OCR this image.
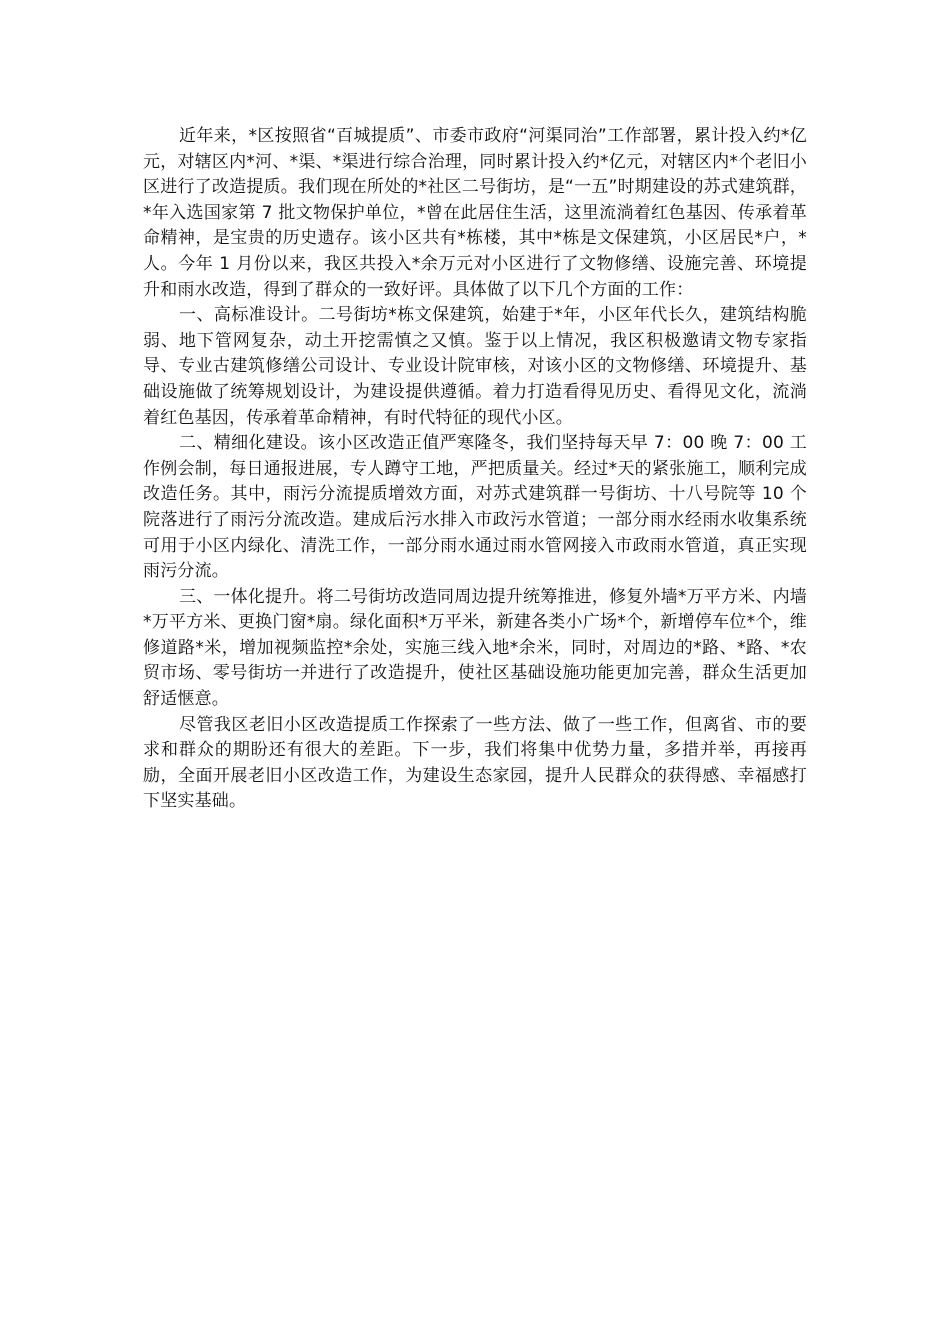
近年来，*区按照省“百城提质”、市委市政府“河渠同治”工作部署，累计投入约*亿元，对辖区内*河、*渠、*渠进行综合治理，同时累计投入约*亿元，对辖区内*个老旧小区进行了改造提质。我们现在所处的*社区二号街坊，是“一五”时期建设的苏式建筑群，*年入选国家第 7 批文物保护单位，*曾在此居住生活，这里流淌着红色基因、传承着革命精神，是宝贵的历史遗存。该小区共有*栋楼，其中*栋是文保建筑，小区居民*户，*人。今年 1 月份以来，我区共投入*余万元对小区进行了文物修缮、设施完善、环境提升和雨水改造，得到了群众的一致好评。具体做了以下几个方面的工作：

一、高标准设计。二号街坊*栋文保建筑，始建于*年，小区年代长久，建筑结构脆弱、地下管网复杂，动土开挖需慎之又慎。鉴于以上情况，我区积极邀请文物专家指导、专业古建筑修缮公司设计、专业设计院审核，对该小区的文物修缮、环境提升、基础设施做了统筹规划设计，为建设提供遵循。着力打造看得见历史、看得见文化，流淌着红色基因，传承着革命精神，有时代特征的现代小区。

二、精细化建设。该小区改造正值严寒隆冬，我们坚持每天早 7：00 晚 7：00 工作例会制，每日通报进展，专人蹲守工地，严把质量关。经过*天的紧张施工，顺利完成改造任务。其中，雨污分流提质增效方面，对苏式建筑群一号街坊、十八号院等 10 个院落进行了雨污分流改造。建成后污水排入市政污水管道；一部分雨水经雨水收集系统可用于小区内绿化、清洗工作，一部分雨水通过雨水管网接入市政雨水管道，真正实现雨污分流。

三、一体化提升。将二号街坊改造同周边提升统筹推进，修复外墙*万平方米、内墙*万平方米、更换门窗*扇。绿化面积*万平米，新建各类小广场*个，新增停车位*个，维修道路*米，增加视频监控*余处，实施三线入地*余米，同时，对周边的*路、*路、*农贸市场、零号街坊一并进行了改造提升，使社区基础设施功能更加完善，群众生活更加舒适惬意。

尽管我区老旧小区改造提质工作探索了一些方法、做了一些工作，但离省、市的要求和群众的期盼还有很大的差距。下一步，我们将集中优势力量，多措并举，再接再励，全面开展老旧小区改造工作，为建设生态家园，提升人民群众的获得感、幸福感打下坚实基础。
